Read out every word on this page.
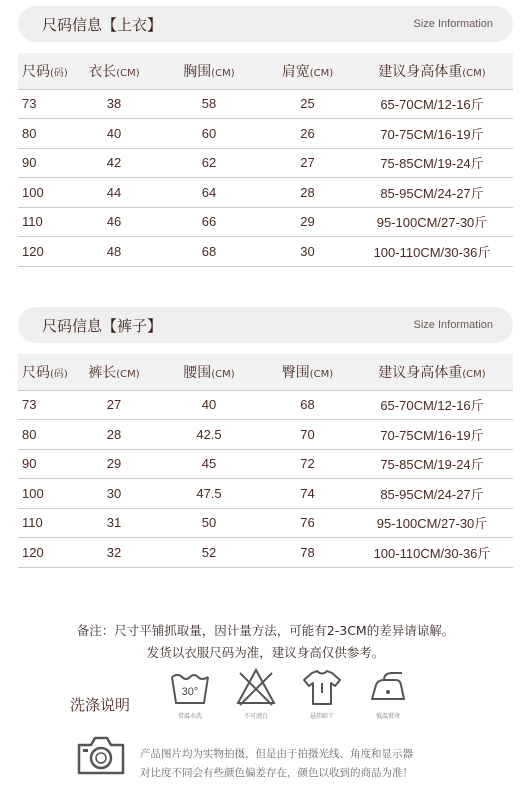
尺码信息【上衣】	Size Information
尺码(码)	衣长(CM)	胸围(CM)	肩宽(CM)	建议身高体重(CM)
73	38	58	25	65-70CM/12-16斤
80	40	60	26	70-75CM/16-19斤
90	42	62	27	75-85CM/19-24斤
100	44	64	28	85-95CM/24-27斤
110	46	66	29	95-100CM/27-30斤
120	48	68	30	100-110CM/30-36斤
尺码信息【裤子】	Size Information
尺码(码)	裤长(CM)	腰围(CM)	臀围(CM)	建议身高体重(CM)
73	27	40	68	65-70CM/12-16斤
80	28	42.5	70	70-75CM/16-19斤
90	29	45	72	75-85CM/19-24斤
100	30	47.5	74	85-95CM/24-27斤
110	31	50	76	95-100CM/27-30斤
120	32	52	78	100-110CM/30-36斤
备注：尺寸平铺抓取量，因计量方法，可能有2-3CM的差异请谅解。
发货以衣服尺码为准，建议身高仅供参考。
洗涤说明
30°
常温水洗	不可漂白	悬挂晾干	低温熨烫
产品图片均为实物拍摄，但是由于拍摄光线、角度和显示器
对比度不同会有些颜色偏差存在，颜色以收到的商品为准！
